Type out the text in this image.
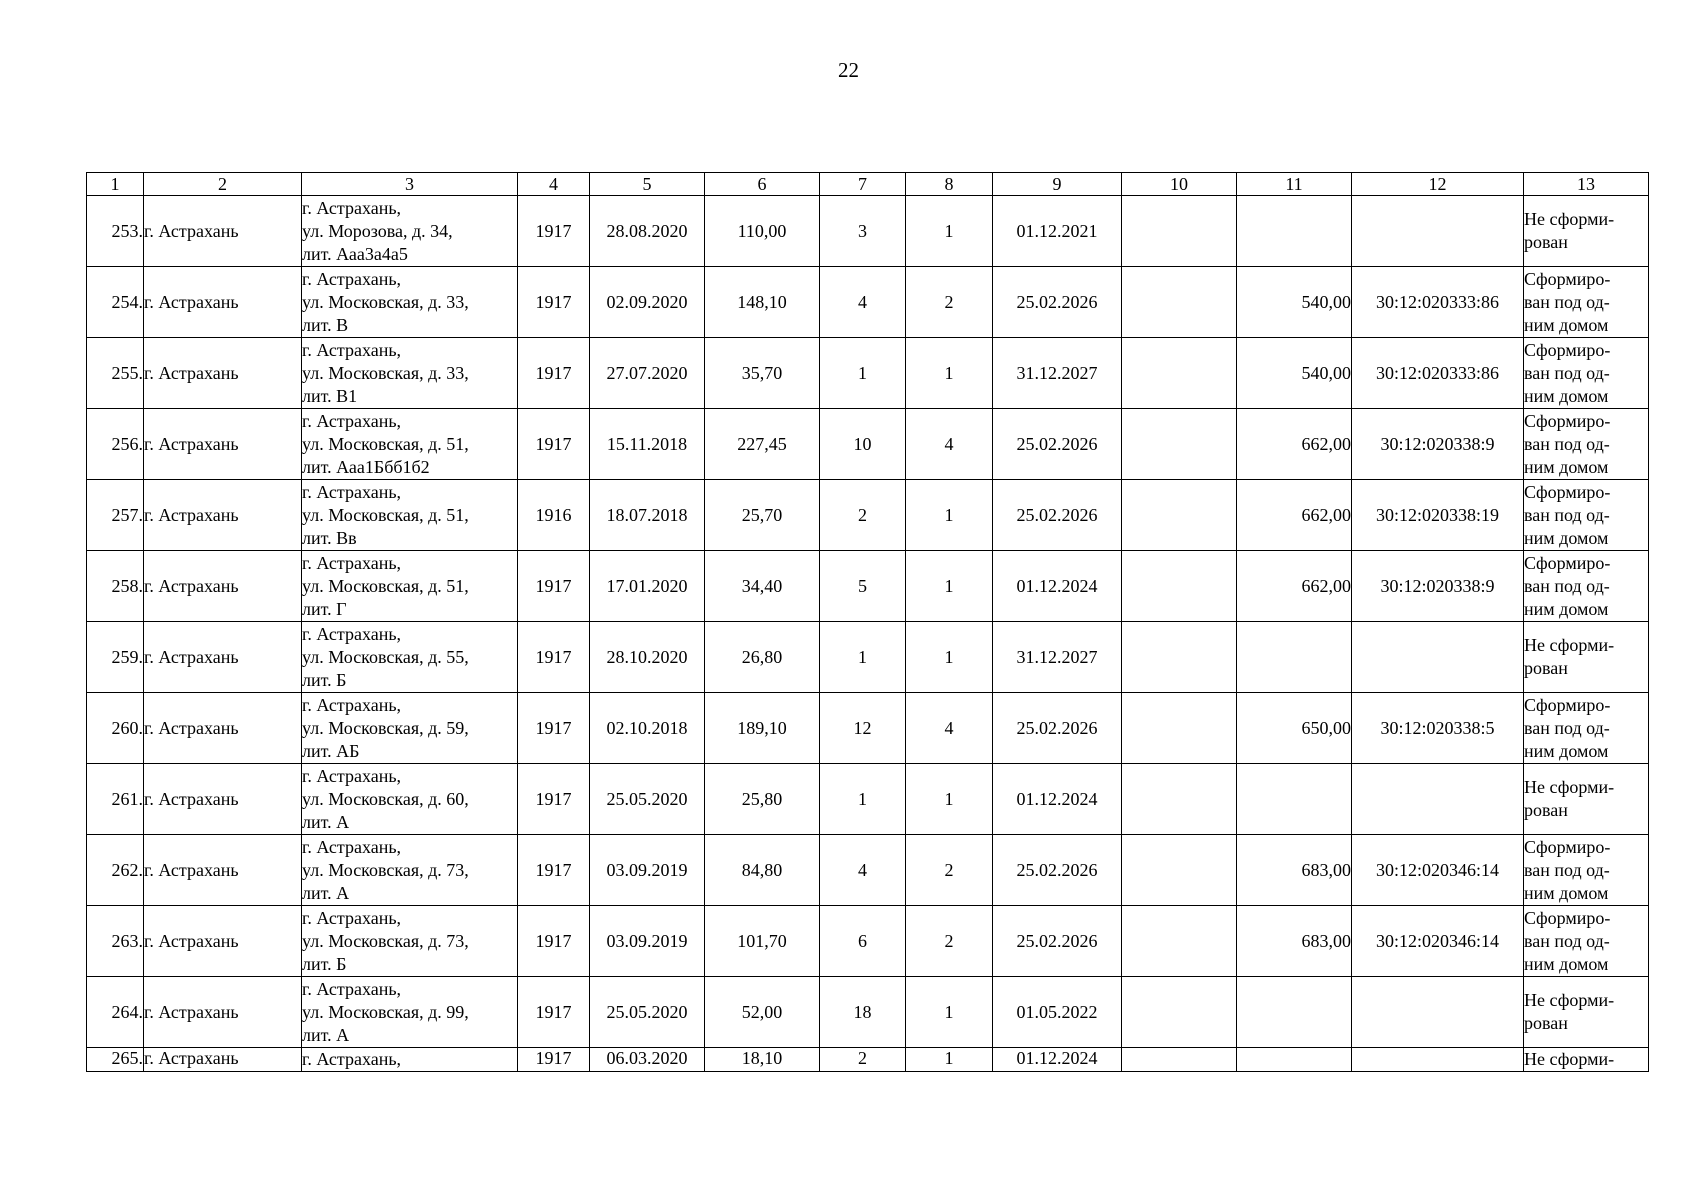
22
1	2	3	4	5	6	7	8	9	10	11	12	13
253.	г. Астрахань	г. Астрахань,
ул. Морозова, д. 34,
лит. Ааа3а4а5	1917	28.08.2020	110,00	3	1	01.12.2021				Не сформи-
рован

254.	г. Астрахань	г. Астрахань,
ул. Московская, д. 33,
лит. В	1917	02.09.2020	148,10	4	2	25.02.2026		540,00	30:12:020333:86	Сформиро-
ван под од-
ним домом

255.	г. Астрахань	г. Астрахань,
ул. Московская, д. 33,
лит. В1	1917	27.07.2020	35,70	1	1	31.12.2027		540,00	30:12:020333:86	Сформиро-
ван под од-
ним домом

256.	г. Астрахань	г. Астрахань,
ул. Московская, д. 51,
лит. Ааа1Ббб1б2	1917	15.11.2018	227,45	10	4	25.02.2026		662,00	30:12:020338:9	Сформиро-
ван под од-
ним домом

257.	г. Астрахань	г. Астрахань,
ул. Московская, д. 51,
лит. Вв	1916	18.07.2018	25,70	2	1	25.02.2026		662,00	30:12:020338:19	Сформиро-
ван под од-
ним домом

258.	г. Астрахань	г. Астрахань,
ул. Московская, д. 51,
лит. Г	1917	17.01.2020	34,40	5	1	01.12.2024		662,00	30:12:020338:9	Сформиро-
ван под од-
ним домом

259.	г. Астрахань	г. Астрахань,
ул. Московская, д. 55,
лит. Б	1917	28.10.2020	26,80	1	1	31.12.2027				Не сформи-
рован

260.	г. Астрахань	г. Астрахань,
ул. Московская, д. 59,
лит. АБ	1917	02.10.2018	189,10	12	4	25.02.2026		650,00	30:12:020338:5	Сформиро-
ван под од-
ним домом

261.	г. Астрахань	г. Астрахань,
ул. Московская, д. 60,
лит. А	1917	25.05.2020	25,80	1	1	01.12.2024				Не сформи-
рован

262.	г. Астрахань	г. Астрахань,
ул. Московская, д. 73,
лит. А	1917	03.09.2019	84,80	4	2	25.02.2026		683,00	30:12:020346:14	Сформиро-
ван под од-
ним домом

263.	г. Астрахань	г. Астрахань,
ул. Московская, д. 73,
лит. Б	1917	03.09.2019	101,70	6	2	25.02.2026		683,00	30:12:020346:14	Сформиро-
ван под од-
ним домом

264.	г. Астрахань	г. Астрахань,
ул. Московская, д. 99,
лит. А	1917	25.05.2020	52,00	18	1	01.05.2022				Не сформи-
рован

265.	г. Астрахань	г. Астрахань,	1917	06.03.2020	18,10	2	1	01.12.2024				Не сформи-
